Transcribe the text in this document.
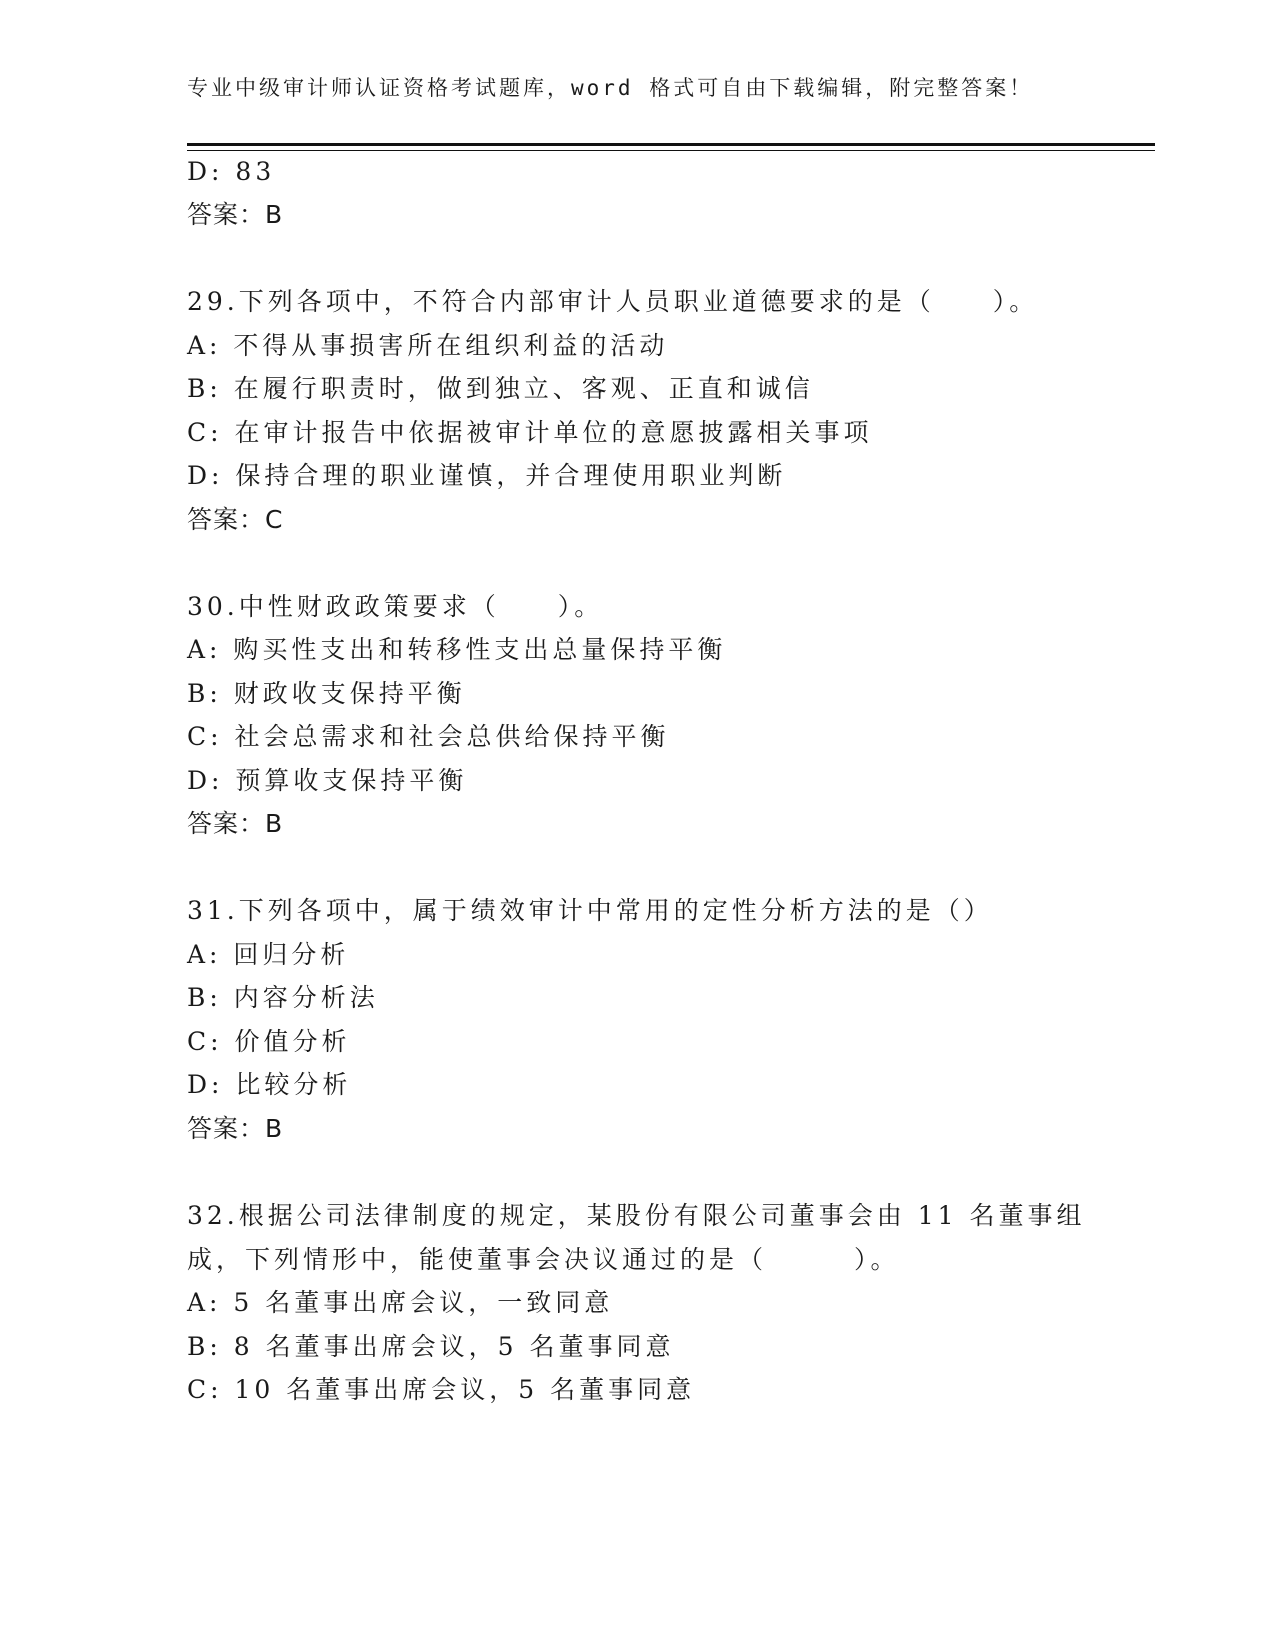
专业中级审计师认证资格考试题库，word 格式可自由下载编辑，附完整答案！
D: 83
答案：B
29.下列各项中，不符合内部审计人员职业道德要求的是（　　）。
A: 不得从事损害所在组织利益的活动
B: 在履行职责时，做到独立、客观、正直和诚信
C: 在审计报告中依据被审计单位的意愿披露相关事项
D: 保持合理的职业谨慎，并合理使用职业判断
答案：C
30.中性财政政策要求（　　）。
A: 购买性支出和转移性支出总量保持平衡
B: 财政收支保持平衡
C: 社会总需求和社会总供给保持平衡
D: 预算收支保持平衡
答案：B
31.下列各项中，属于绩效审计中常用的定性分析方法的是（）
A: 回归分析
B: 内容分析法
C: 价值分析
D: 比较分析
答案：B
32.根据公司法律制度的规定，某股份有限公司董事会由 11 名董事组
成，下列情形中，能使董事会决议通过的是（　　　）。
A: 5 名董事出席会议，一致同意
B: 8 名董事出席会议，5 名董事同意
C: 10 名董事出席会议，5 名董事同意
